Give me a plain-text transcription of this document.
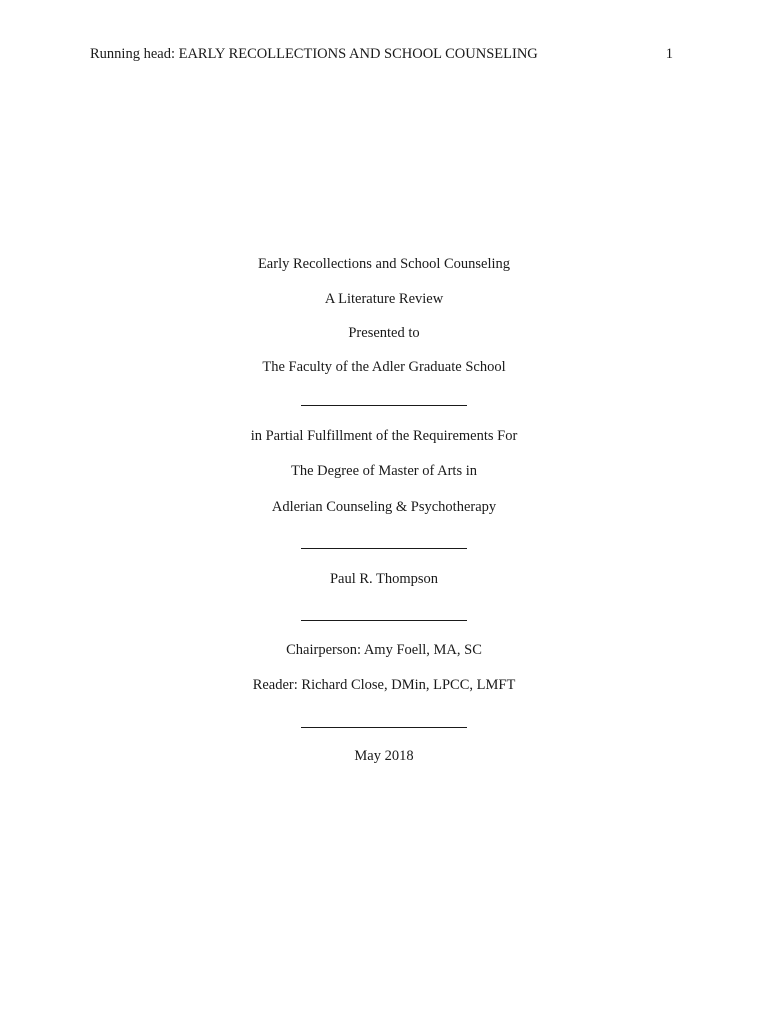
Running head: EARLY RECOLLECTIONS AND SCHOOL COUNSELING	1
Early Recollections and School Counseling
A Literature Review
Presented to
The Faculty of the Adler Graduate School
in Partial Fulfillment of the Requirements For
The Degree of Master of Arts in
Adlerian Counseling & Psychotherapy
Paul R. Thompson
Chairperson: Amy Foell, MA, SC
Reader: Richard Close, DMin, LPCC, LMFT
May 2018
